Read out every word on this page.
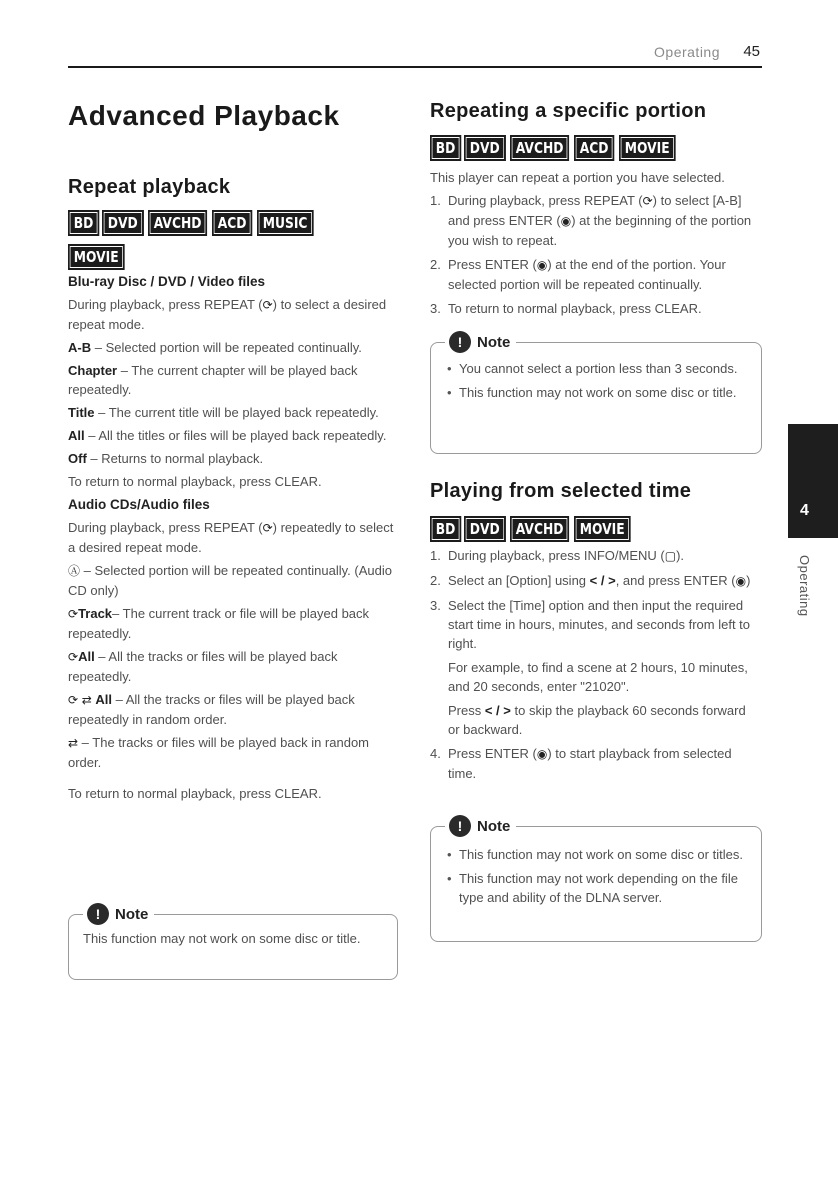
Operating 45
Advanced Playback
Repeat playback
BD DVD	AVCHD	ACD	MUSIC
MOVIE
Blu-ray Disc / DVD / Video files

During playback, press REPEAT (⟳) to select a desired repeat mode.

A-B – Selected portion will be repeated continually.

Chapter – The current chapter will be played back repeatedly.

Title – The current title will be played back repeatedly.

All – All the titles or files will be played back repeatedly.

Off – Returns to normal playback.

To return to normal playback, press CLEAR.

Audio CDs/Audio files

During playback, press REPEAT (⟳) repeatedly to select a desired repeat mode.

Ⓐ – Selected portion will be repeated continually. (Audio CD only)

⟳Track– The current track or file will be played back repeatedly.

⟳All – All the tracks or files will be played back repeatedly.

⟳ ⇄ All – All the tracks or files will be played back repeatedly in random order.

⇄ – The tracks or files will be played back in random order.

To return to normal playback, press CLEAR.

! Note
This function may not work on some disc or title.
Repeating a specific portion
BD DVD	AVCHD	ACD	MOVIE

This player can repeat a portion you have selected.

1. During playback, press REPEAT (⟳) to select [A-B] and press ENTER (◉) at the beginning of the portion you wish to repeat.
2. Press ENTER (◉) at the end of the portion. Your selected portion will be repeated continually.
3. To return to normal playback, press CLEAR.
! Note
• You cannot select a portion less than 3 seconds.
• This function may not work on some disc or title.
Playing from selected time
BD DVD	AVCHD	MOVIE
1. During playback, press INFO/MENU (▢).
2. Select an [Option] using < / >, and press ENTER (◉)
3. Select the [Time] option and then input the required start time in hours, minutes, and seconds from left to right.
For example, to find a scene at 2 hours, 10 minutes, and 20 seconds, enter "21020".
Press < / > to skip the playback 60 seconds forward or backward.
4. Press ENTER (◉) to start playback from selected time.
! Note
• This function may not work on some disc or titles.
• This function may not work depending on the file type and ability of the DLNA server.
4
Operating
